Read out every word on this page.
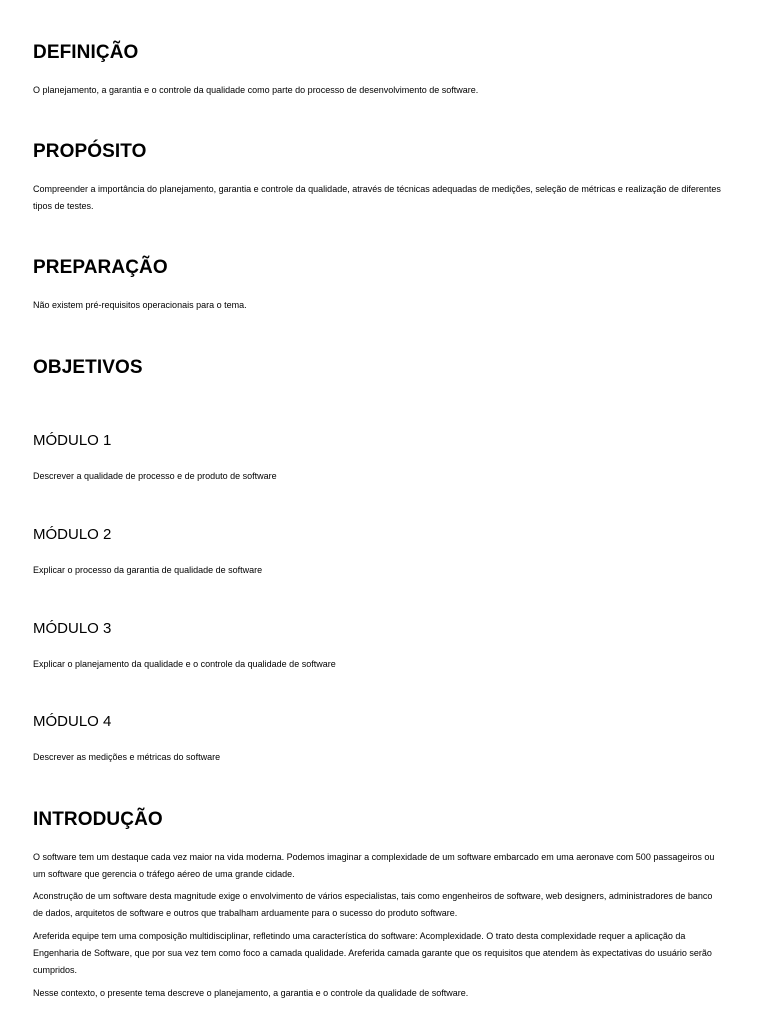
DEFINIÇÃO

O planejamento, a garantia e o controle da qualidade como parte do processo de desenvolvimento de software.

PROPÓSITO

Compreender a importância do planejamento, garantia e controle da qualidade, através de técnicas adequadas de medições, seleção de métricas e realização de diferentes tipos de testes.

PREPARAÇÃO

Não existem pré-requisitos operacionais para o tema.

OBJETIVOS
MÓDULO 1

Descrever a qualidade de processo e de produto de software

MÓDULO 2

Explicar o processo da garantia de qualidade de software

MÓDULO 3

Explicar o planejamento da qualidade e o controle da qualidade de software

MÓDULO 4

Descrever as medições e métricas do software

INTRODUÇÃO

O software tem um destaque cada vez maior na vida moderna. Podemos imaginar a complexidade de um software embarcado em uma aeronave com 500 passageiros ou um software que gerencia o tráfego aéreo de uma grande cidade.

Aconstrução de um software desta magnitude exige o envolvimento de vários especialistas, tais como engenheiros de software, web designers, administradores de banco de dados, arquitetos de software e outros que trabalham arduamente para o sucesso do produto software.

Areferida equipe tem uma composição multidisciplinar, refletindo uma característica do software: Acomplexidade. O trato desta complexidade requer a aplicação da Engenharia de Software, que por sua vez tem como foco a camada qualidade. Areferida camada garante que os requisitos que atendem às expectativas do usuário serão cumpridos.

Nesse contexto, o presente tema descreve o planejamento, a garantia e o controle da qualidade de software.
